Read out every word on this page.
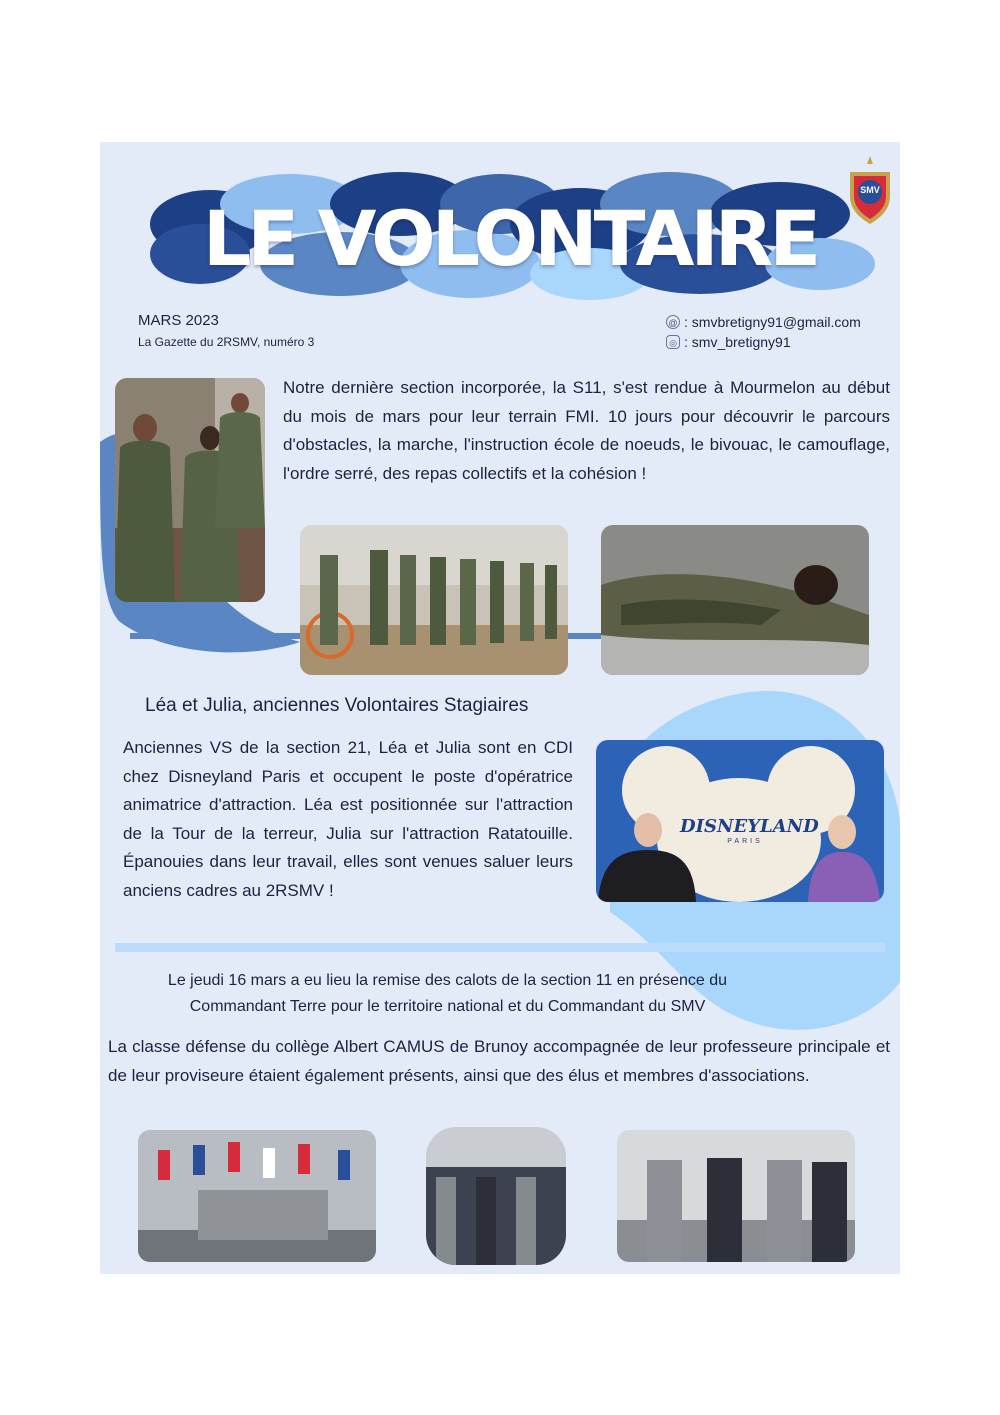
LE VOLONTAIRE
SMV
MARS 2023
La Gazette du 2RSMV, numéro 3
@ : smvbretigny91@gmail.com
◎ : smv_bretigny91
Notre dernière section incorporée, la S11, s'est rendue à Mourmelon au début du mois de mars pour leur terrain FMI. 10 jours pour découvrir le parcours d'obstacles, la marche, l'instruction école de noeuds, le bivouac, le camouflage, l'ordre serré, des repas collectifs et la cohésion !
Léa et Julia, anciennes Volontaires Stagiaires
Anciennes VS de la section 21, Léa et Julia sont en CDI chez Disneyland Paris et occupent le poste d'opératrice animatrice d'attraction. Léa est positionnée sur l'attraction de la Tour de la terreur, Julia sur l'attraction Ratatouille. Épanouies dans leur travail, elles sont venues saluer leurs anciens cadres au 2RSMV !
DISNEYLAND
PARIS
Le jeudi 16 mars a eu lieu la remise des calots de la section 11 en présence du
Commandant Terre pour le territoire national et du Commandant du SMV
La classe défense du collège Albert CAMUS de Brunoy accompagnée de leur professeure principale et de leur proviseure étaient également présents, ainsi que des élus et membres d'associations.
